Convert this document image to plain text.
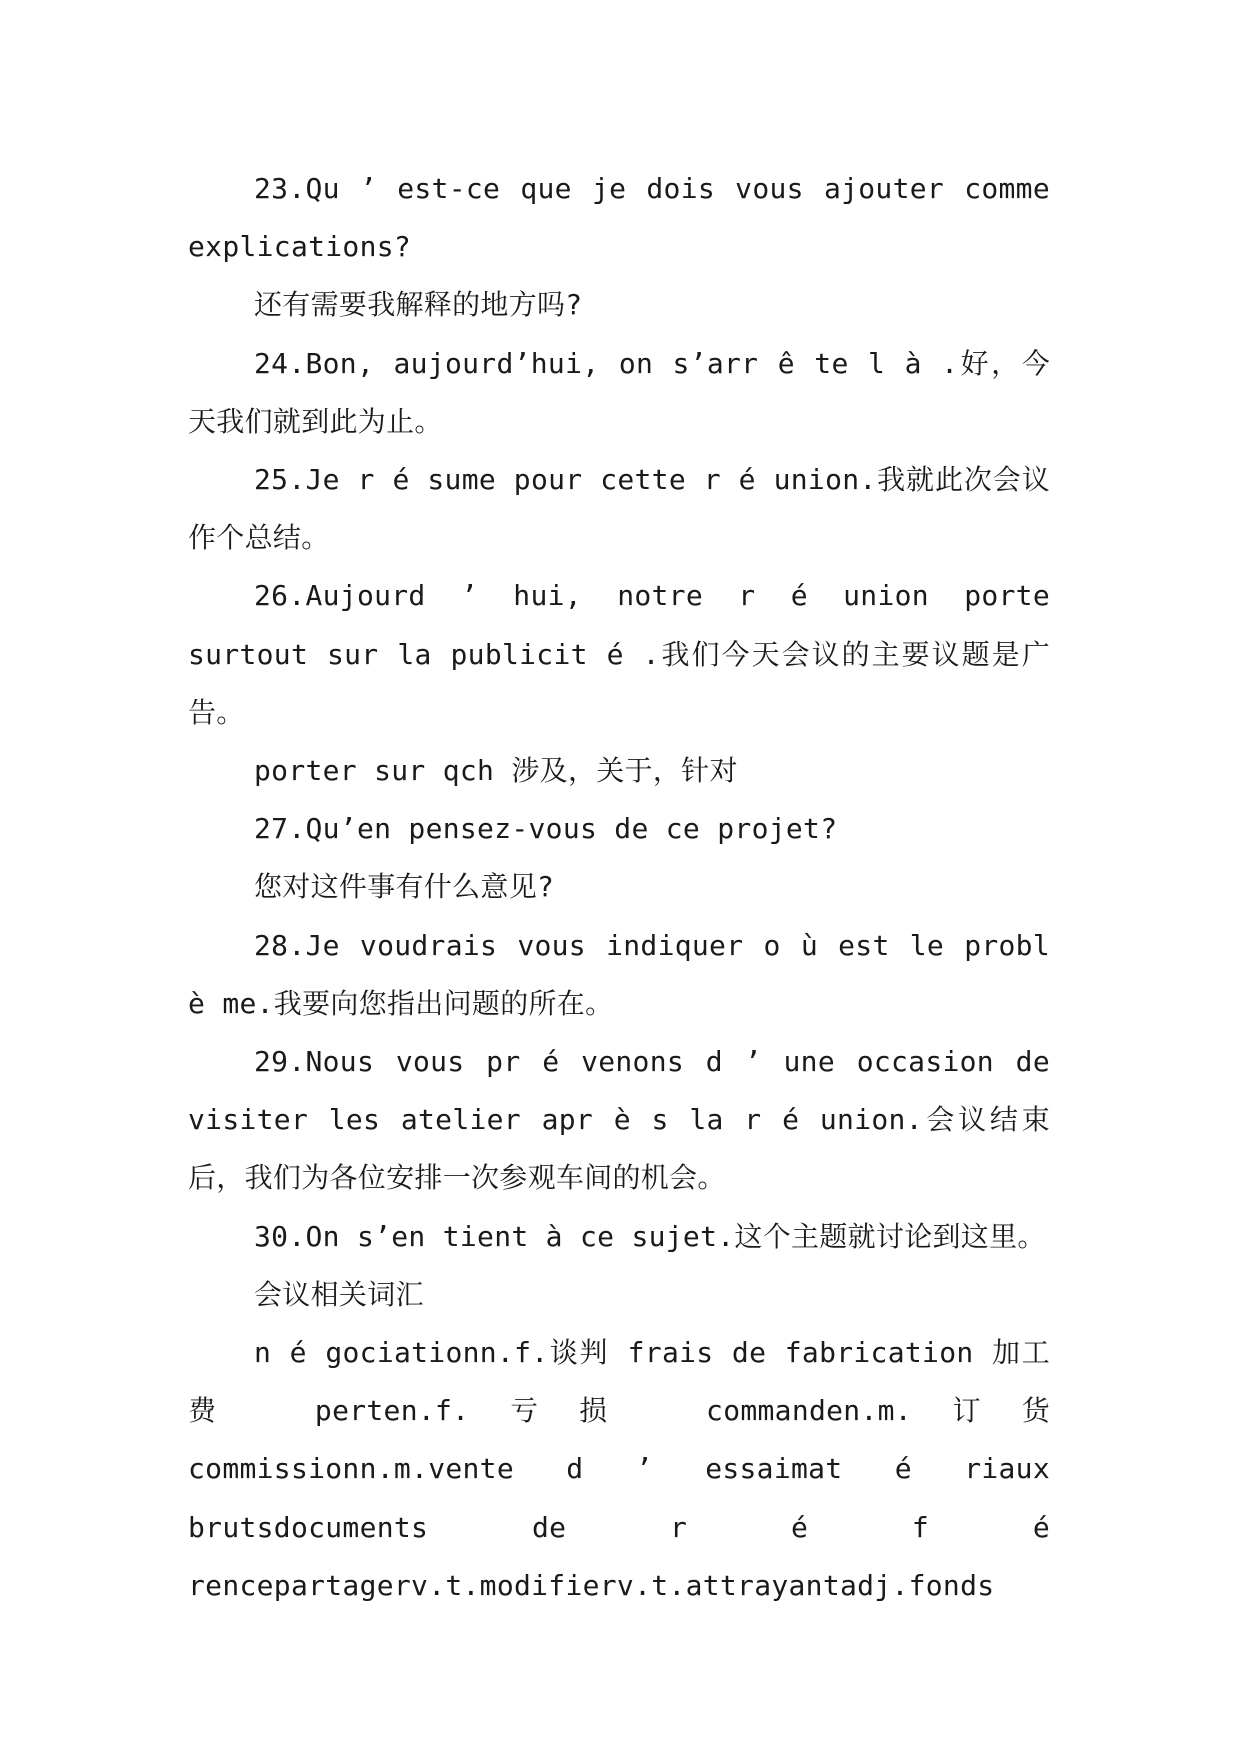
23.Qu ’ est-ce que je dois vous ajouter comme explications?

还有需要我解释的地方吗?

24.Bon, aujourd’hui, on s’arr ê te l à .好，今天我们就到此为止。

25.Je r é sume pour cette r é union.我就此次会议作个总结。

26.Aujourd ’ hui, notre r é union porte surtout sur la publicit é .我们今天会议的主要议题是广告。

porter sur qch 涉及，关于，针对

27.Qu’en pensez-vous de ce projet?

您对这件事有什么意见?

28.Je voudrais vous indiquer o ù est le probl è me.我要向您指出问题的所在。

29.Nous vous pr é venons d ’ une occasion de visiter les atelier apr è s la r é union.会议结束后，我们为各位安排一次参观车间的机会。

30.On s’en tient à ce sujet.这个主题就讨论到这里。

会议相关词汇

n é gociationn.f.谈判 frais de fabrication 加工费 perten.f.亏损 commanden.m.订货 commissionn.m.vente d ’ essaimat é riaux brutsdocuments de r é f é rencepartagerv.t.modifierv.t.attrayantadj.fonds
